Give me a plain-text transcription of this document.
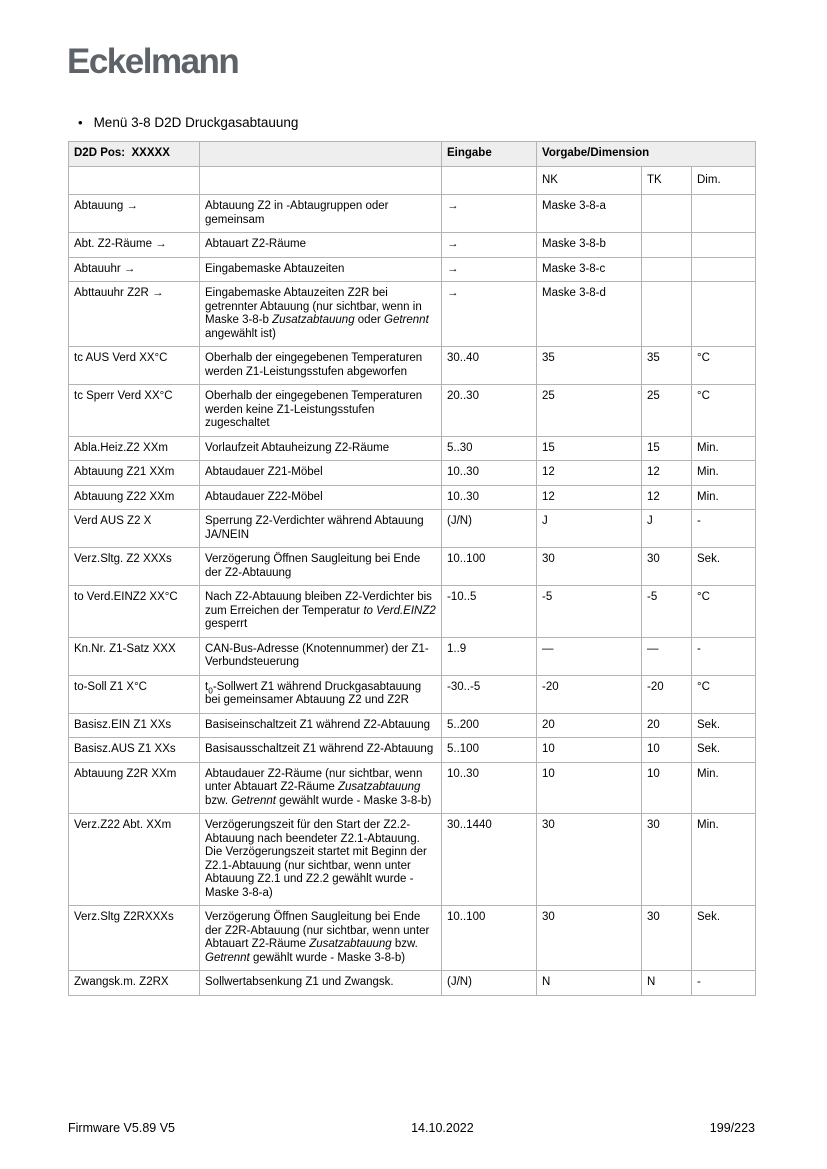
Eckelmann
• Menü 3-8 D2D Druckgasabtauung
D2D Pos:  XXXXX		Eingabe	Vorgabe/Dimension		
			NK	TK	Dim.
Abtauung →	Abtauung Z2 in -Abtaugruppen oder gemeinsam	→	Maske 3-8-a		
Abt. Z2-Räume →	Abtauart Z2-Räume	→	Maske 3-8-b		
Abtauuhr →	Eingabemaske Abtauzeiten	→	Maske 3-8-c		
Abttauuhr Z2R →	Eingabemaske Abtauzeiten Z2R bei getrennter Abtauung (nur sichtbar, wenn in Maske 3-8-b Zusatzabtauung oder Getrennt angewählt ist)	→	Maske 3-8-d		
tc AUS Verd XX°C	Oberhalb der eingegebenen Temperaturen werden Z1-Leistungsstufen abgeworfen	30..40	35	35	°C
tc Sperr Verd XX°C	Oberhalb der eingegebenen Temperaturen werden keine Z1-Leistungsstufen zugeschaltet	20..30	25	25	°C
Abla.Heiz.Z2 XXm	Vorlaufzeit Abtauheizung Z2-Räume	5..30	15	15	Min.
Abtauung Z21 XXm	Abtaudauer Z21-Möbel	10..30	12	12	Min.
Abtauung Z22 XXm	Abtaudauer Z22-Möbel	10..30	12	12	Min.
Verd AUS Z2 X	Sperrung Z2-Verdichter während Abtauung JA/NEIN	(J/N)	J	J	-
Verz.Sltg. Z2 XXXs	Verzögerung Öffnen Saugleitung bei Ende der Z2-Abtauung	10..100	30	30	Sek.
to Verd.EINZ2 XX°C	Nach Z2-Abtauung bleiben Z2-Verdichter bis zum Erreichen der Temperatur to Verd.EINZ2 gesperrt	-10..5	-5	-5	°C
Kn.Nr. Z1-Satz XXX	CAN-Bus-Adresse (Knotennummer) der Z1-Verbundsteuerung	1..9	—	—	-
to-Soll Z1 X°C	$t_0$-Sollwert Z1 während Druckgasabtauung bei gemeinsamer Abtauung Z2 und Z2R	-30..-5	-20	-20	°C
Basisz.EIN Z1 XXs	Basiseinschaltzeit Z1 während Z2-Abtauung	5..200	20	20	Sek.
Basisz.AUS Z1 XXs	Basisausschaltzeit Z1 während Z2-Abtauung	5..100	10	10	Sek.
Abtauung Z2R XXm	Abtaudauer Z2-Räume (nur sichtbar, wenn unter Abtauart Z2-Räume Zusatzabtauung bzw. Getrennt gewählt wurde - Maske 3-8-b)	10..30	10	10	Min.
Verz.Z22 Abt. XXm	Verzögerungszeit für den Start der Z2.2-Abtauung nach beendeter Z2.1-Abtauung. Die Verzögerungszeit startet mit Beginn der Z2.1-Abtauung (nur sichtbar, wenn unter Abtauung Z2.1 und Z2.2 gewählt wurde - Maske 3-8-a)	30..1440	30	30	Min.
Verz.Sltg Z2RXXXs	Verzögerung Öffnen Saugleitung bei Ende der Z2R-Abtauung (nur sichtbar, wenn unter Abtauart Z2-Räume Zusatzabtauung bzw. Getrennt gewählt wurde - Maske 3-8-b)	10..100	30	30	Sek.
Zwangsk.m. Z2RX	Sollwertabsenkung Z1 und Zwangsk.	(J/N)	N	N	-
Firmware V5.89 V5	14.10.2022	199/223
